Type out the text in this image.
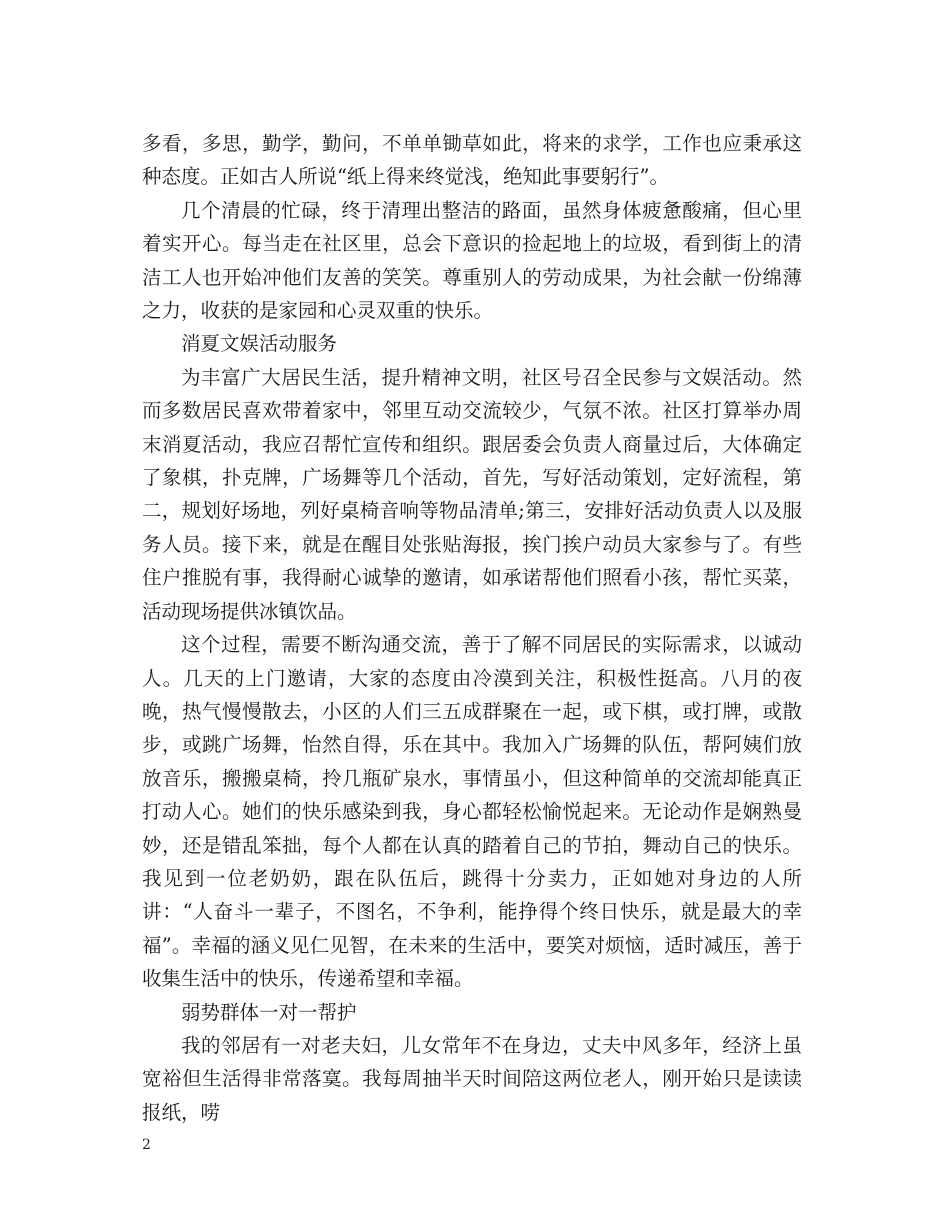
多看，多思，勤学，勤问，不单单锄草如此，将来的求学，工作也应秉承这种态度。正如古人所说“纸上得来终觉浅，绝知此事要躬行”。

几个清晨的忙碌，终于清理出整洁的路面，虽然身体疲惫酸痛，但心里着实开心。每当走在社区里，总会下意识的捡起地上的垃圾，看到街上的清洁工人也开始冲他们友善的笑笑。尊重别人的劳动成果，为社会献一份绵薄之力，收获的是家园和心灵双重的快乐。

消夏文娱活动服务

为丰富广大居民生活，提升精神文明，社区号召全民参与文娱活动。然而多数居民喜欢带着家中，邻里互动交流较少，气氛不浓。社区打算举办周末消夏活动，我应召帮忙宣传和组织。跟居委会负责人商量过后，大体确定了象棋，扑克牌，广场舞等几个活动，首先，写好活动策划，定好流程，第二，规划好场地，列好桌椅音响等物品清单;第三，安排好活动负责人以及服务人员。接下来，就是在醒目处张贴海报，挨门挨户动员大家参与了。有些住户推脱有事，我得耐心诚挚的邀请，如承诺帮他们照看小孩，帮忙买菜，活动现场提供冰镇饮品。

这个过程，需要不断沟通交流，善于了解不同居民的实际需求，以诚动人。几天的上门邀请，大家的态度由冷漠到关注，积极性挺高。八月的夜晚，热气慢慢散去，小区的人们三五成群聚在一起，或下棋，或打牌，或散步，或跳广场舞，怡然自得，乐在其中。我加入广场舞的队伍，帮阿姨们放放音乐，搬搬桌椅，拎几瓶矿泉水，事情虽小，但这种简单的交流却能真正打动人心。她们的快乐感染到我，身心都轻松愉悦起来。无论动作是娴熟曼妙，还是错乱笨拙，每个人都在认真的踏着自己的节拍，舞动自己的快乐。我见到一位老奶奶，跟在队伍后，跳得十分卖力，正如她对身边的人所讲：“人奋斗一辈子，不图名，不争利，能挣得个终日快乐，就是最大的幸福”。幸福的涵义见仁见智，在未来的生活中，要笑对烦恼，适时减压，善于收集生活中的快乐，传递希望和幸福。

弱势群体一对一帮护

我的邻居有一对老夫妇，儿女常年不在身边，丈夫中风多年，经济上虽宽裕但生活得非常落寞。我每周抽半天时间陪这两位老人，刚开始只是读读报纸，唠

2
